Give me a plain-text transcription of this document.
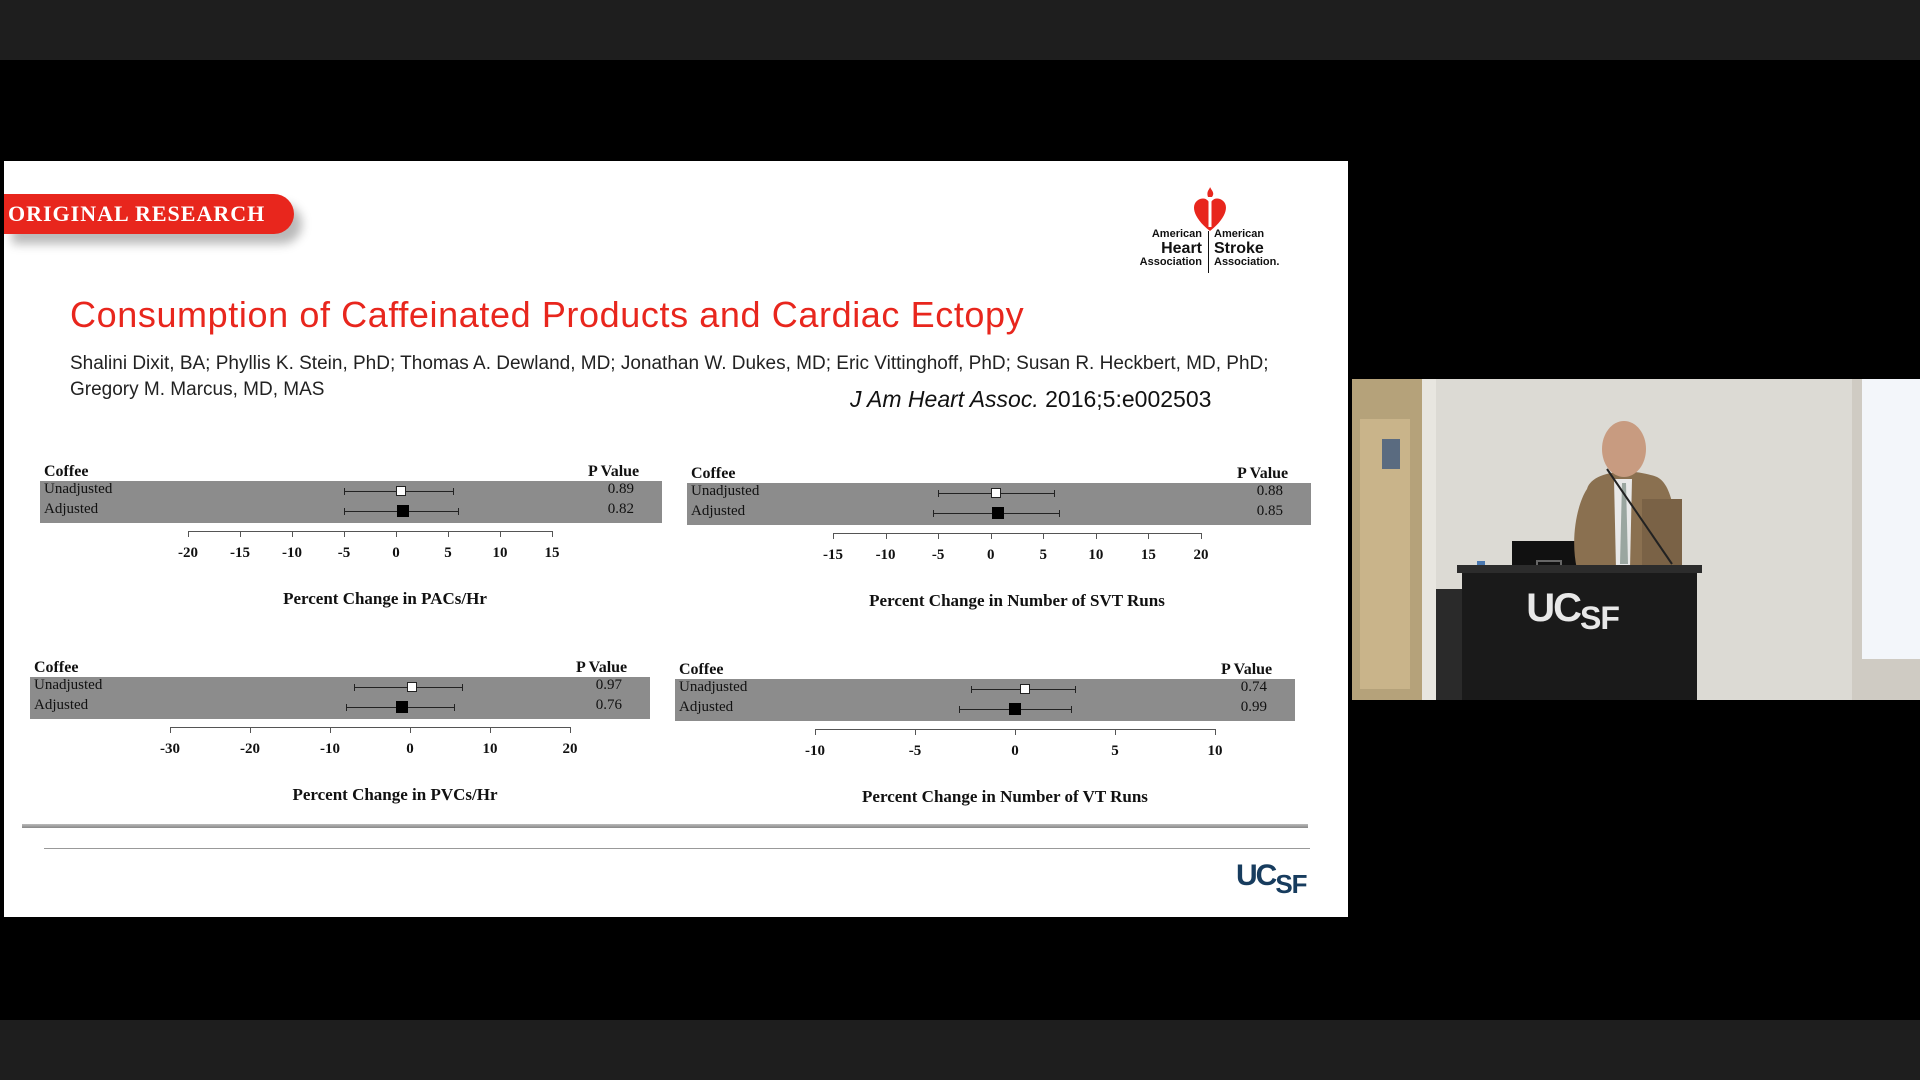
ORIGINAL RESEARCH
American
Heart
Association
American
Stroke
Association.
Consumption of Caffeinated Products and Cardiac Ectopy
Shalini Dixit, BA; Phyllis K. Stein, PhD; Thomas A. Dewland, MD; Jonathan W. Dukes, MD; Eric Vittinghoff, PhD; Susan R. Heckbert, MD, PhD; Gregory M. Marcus, MD, MAS	J Am Heart Assoc. 2016;5:e002503
Coffee	P Value
Unadjusted	0.89
Adjusted	0.82
-20	-15	-10	-5	0	5	10	15
Percent Change in PACs/Hr
Coffee	P Value
Unadjusted	0.88
Adjusted	0.85
-15	-10	-5	0	5	10	15	20
Percent Change in Number of SVT Runs
Coffee	P Value
Unadjusted	0.97
Adjusted	0.76
-30	-20	-10	0	10	20
Percent Change in PVCs/Hr
Coffee	P Value
Unadjusted	0.74
Adjusted	0.99
-10	-5	0	5	10
Percent Change in Number of VT Runs
UCSF
UC SF
